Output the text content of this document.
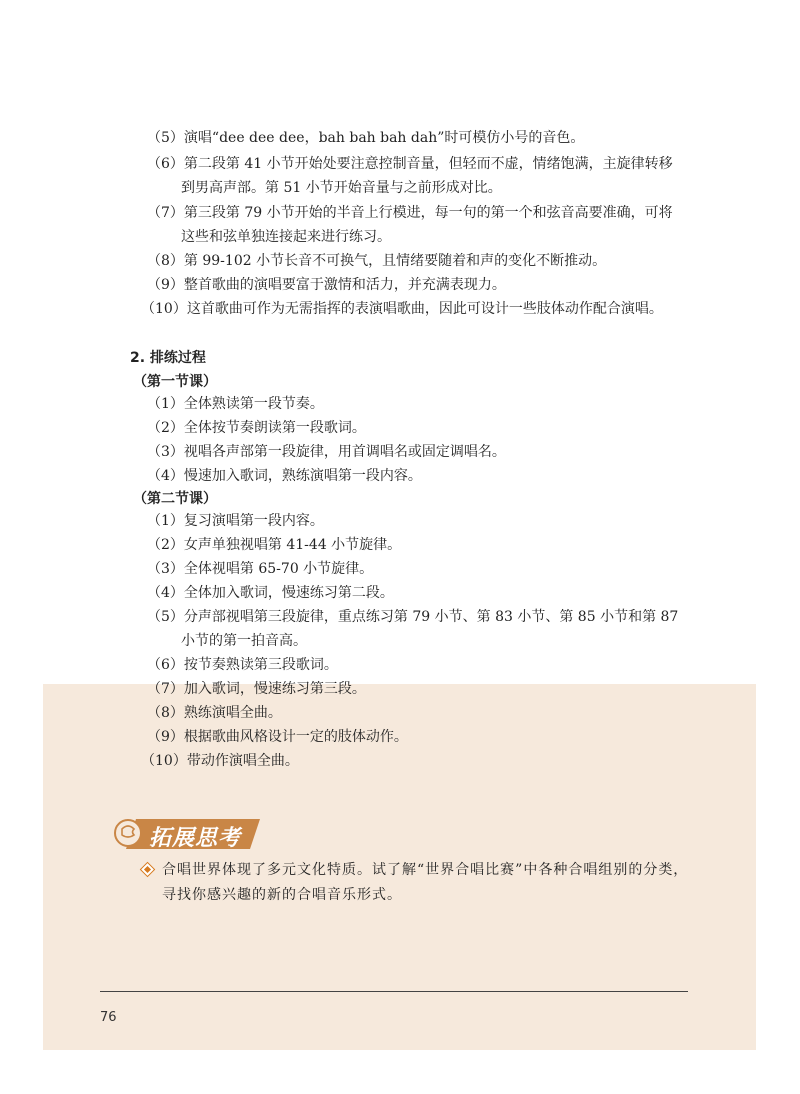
（5）演唱“dee dee dee，bah bah bah dah”时可模仿小号的音色。
（6）第二段第 41 小节开始处要注意控制音量，但轻而不虚，情绪饱满，主旋律转移
到男高声部。第 51 小节开始音量与之前形成对比。
（7）第三段第 79 小节开始的半音上行模进，每一句的第一个和弦音高要准确，可将
这些和弦单独连接起来进行练习。
（8）第 99-102 小节长音不可换气，且情绪要随着和声的变化不断推动。
（9）整首歌曲的演唱要富于激情和活力，并充满表现力。
（10）这首歌曲可作为无需指挥的表演唱歌曲，因此可设计一些肢体动作配合演唱。
2. 排练过程
（第一节课）
（1）全体熟读第一段节奏。
（2）全体按节奏朗读第一段歌词。
（3）视唱各声部第一段旋律，用首调唱名或固定调唱名。
（4）慢速加入歌词，熟练演唱第一段内容。
（第二节课）
（1）复习演唱第一段内容。
（2）女声单独视唱第 41-44 小节旋律。
（3）全体视唱第 65-70 小节旋律。
（4）全体加入歌词，慢速练习第二段。
（5）分声部视唱第三段旋律，重点练习第 79 小节、第 83 小节、第 85 小节和第 87
小节的第一拍音高。
（6）按节奏熟读第三段歌词。
（7）加入歌词，慢速练习第三段。
（8）熟练演唱全曲。
（9）根据歌曲风格设计一定的肢体动作。
（10）带动作演唱全曲。
拓展思考
合唱世界体现了多元文化特质。试了解“世界合唱比赛”中各种合唱组别的分类，
寻找你感兴趣的新的合唱音乐形式。
76
